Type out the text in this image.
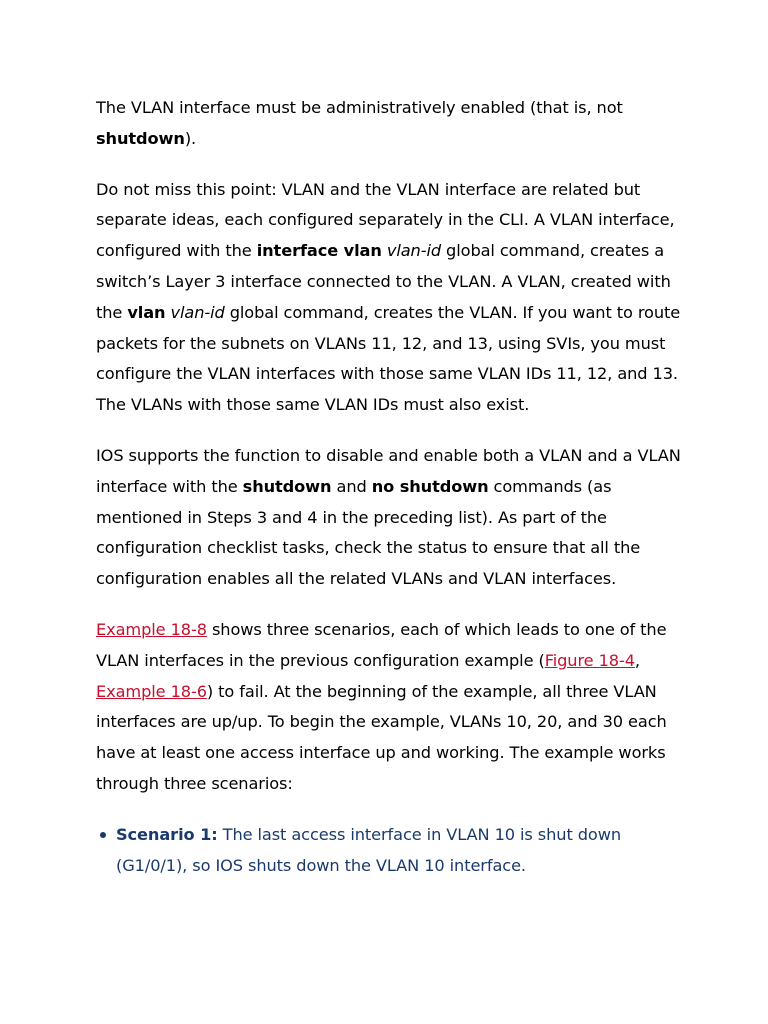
The VLAN interface must be administratively enabled (that is, not shutdown).

Do not miss this point: VLAN and the VLAN interface are related but separate ideas, each configured separately in the CLI. A VLAN interface, configured with the interface vlan vlan-id global command, creates a switch’s Layer 3 interface connected to the VLAN. A VLAN, created with the vlan vlan-id global command, creates the VLAN. If you want to route packets for the subnets on VLANs 11, 12, and 13, using SVIs, you must configure the VLAN interfaces with those same VLAN IDs 11, 12, and 13. The VLANs with those same VLAN IDs must also exist.

IOS supports the function to disable and enable both a VLAN and a VLAN interface with the shutdown and no shutdown commands (as mentioned in Steps 3 and 4 in the preceding list). As part of the configuration checklist tasks, check the status to ensure that all the configuration enables all the related VLANs and VLAN interfaces.

Example 18-8 shows three scenarios, each of which leads to one of the VLAN interfaces in the previous configuration example (Figure 18-4, Example 18-6) to fail. At the beginning of the example, all three VLAN interfaces are up/up. To begin the example, VLANs 10, 20, and 30 each have at least one access interface up and working. The example works through three scenarios:

Scenario 1: The last access interface in VLAN 10 is shut down (G1/0/1), so IOS shuts down the VLAN 10 interface.
